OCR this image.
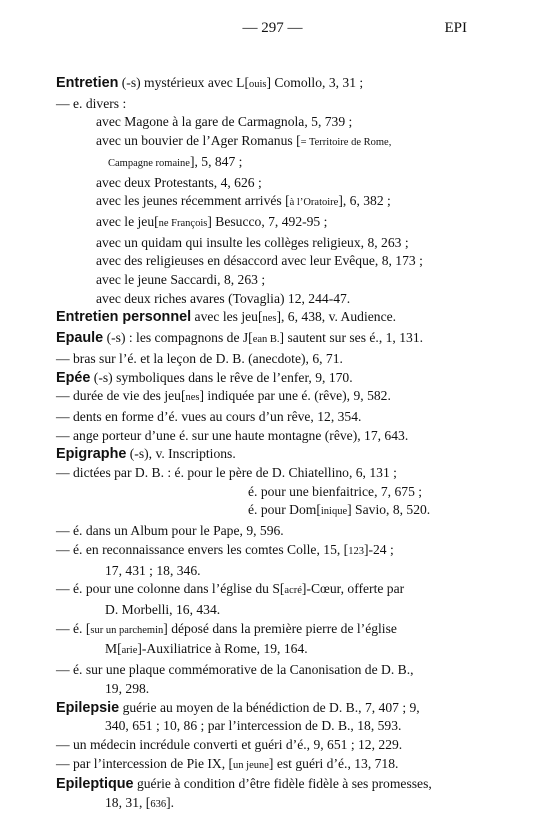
— 297 —	EPI
Entretien (-s) mystérieux avec L[ouis] Comollo, 3, 31 ;
— e. divers :
avec Magone à la gare de Carmagnola, 5, 739 ;
avec un bouvier de l’Ager Romanus [= Territoire de Rome,
Campagne romaine], 5, 847 ;
avec deux Protestants, 4, 626 ;
avec les jeunes récemment arrivés [à l’Oratoire], 6, 382 ;
avec le jeu[ne François] Besucco, 7, 492-95 ;
avec un quidam qui insulte les collèges religieux, 8, 263 ;
avec des religieuses en désaccord avec leur Evêque, 8, 173 ;
avec le jeune Saccardi, 8, 263 ;
avec deux riches avares (Tovaglia) 12, 244-47.
Entretien personnel avec les jeu[nes], 6, 438, v. Audience.
Epaule (-s) : les compagnons de J[ean B.] sautent sur ses é., 1, 131.
— bras sur l’é. et la leçon de D. B. (anecdote), 6, 71.
Epée (-s) symboliques dans le rêve de l’enfer, 9, 170.
— durée de vie des jeu[nes] indiquée par une é. (rêve), 9, 582.
— dents en forme d’é. vues au cours d’un rêve, 12, 354.
— ange porteur d’une é. sur une haute montagne (rêve), 17, 643.
Epigraphe (-s), v. Inscriptions.
— dictées par D. B. : é. pour le père de D. Chiatellino, 6, 131 ;
é. pour une bienfaitrice, 7, 675 ;
é. pour Dom[inique] Savio, 8, 520.
— é. dans un Album pour le Pape, 9, 596.
— é. en reconnaissance envers les comtes Colle, 15, [123]-24 ;
17, 431 ; 18, 346.
— é. pour une colonne dans l’église du S[acré]-Cœur, offerte par
D. Morbelli, 16, 434.
— é. [sur un parchemin] déposé dans la première pierre de l’église
M[arie]-Auxiliatrice à Rome, 19, 164.
— é. sur une plaque commémorative de la Canonisation de D. B.,
19, 298.
Epilepsie guérie au moyen de la bénédiction de D. B., 7, 407 ; 9,
340, 651 ; 10, 86 ; par l’intercession de D. B., 18, 593.
— un médecin incrédule converti et guéri d’é., 9, 651 ; 12, 229.
— par l’intercession de Pie IX, [un jeune] est guéri d’é., 13, 718.
Epileptique guérie à condition d’être fidèle fidèle à ses promesses,
18, 31, [636].
